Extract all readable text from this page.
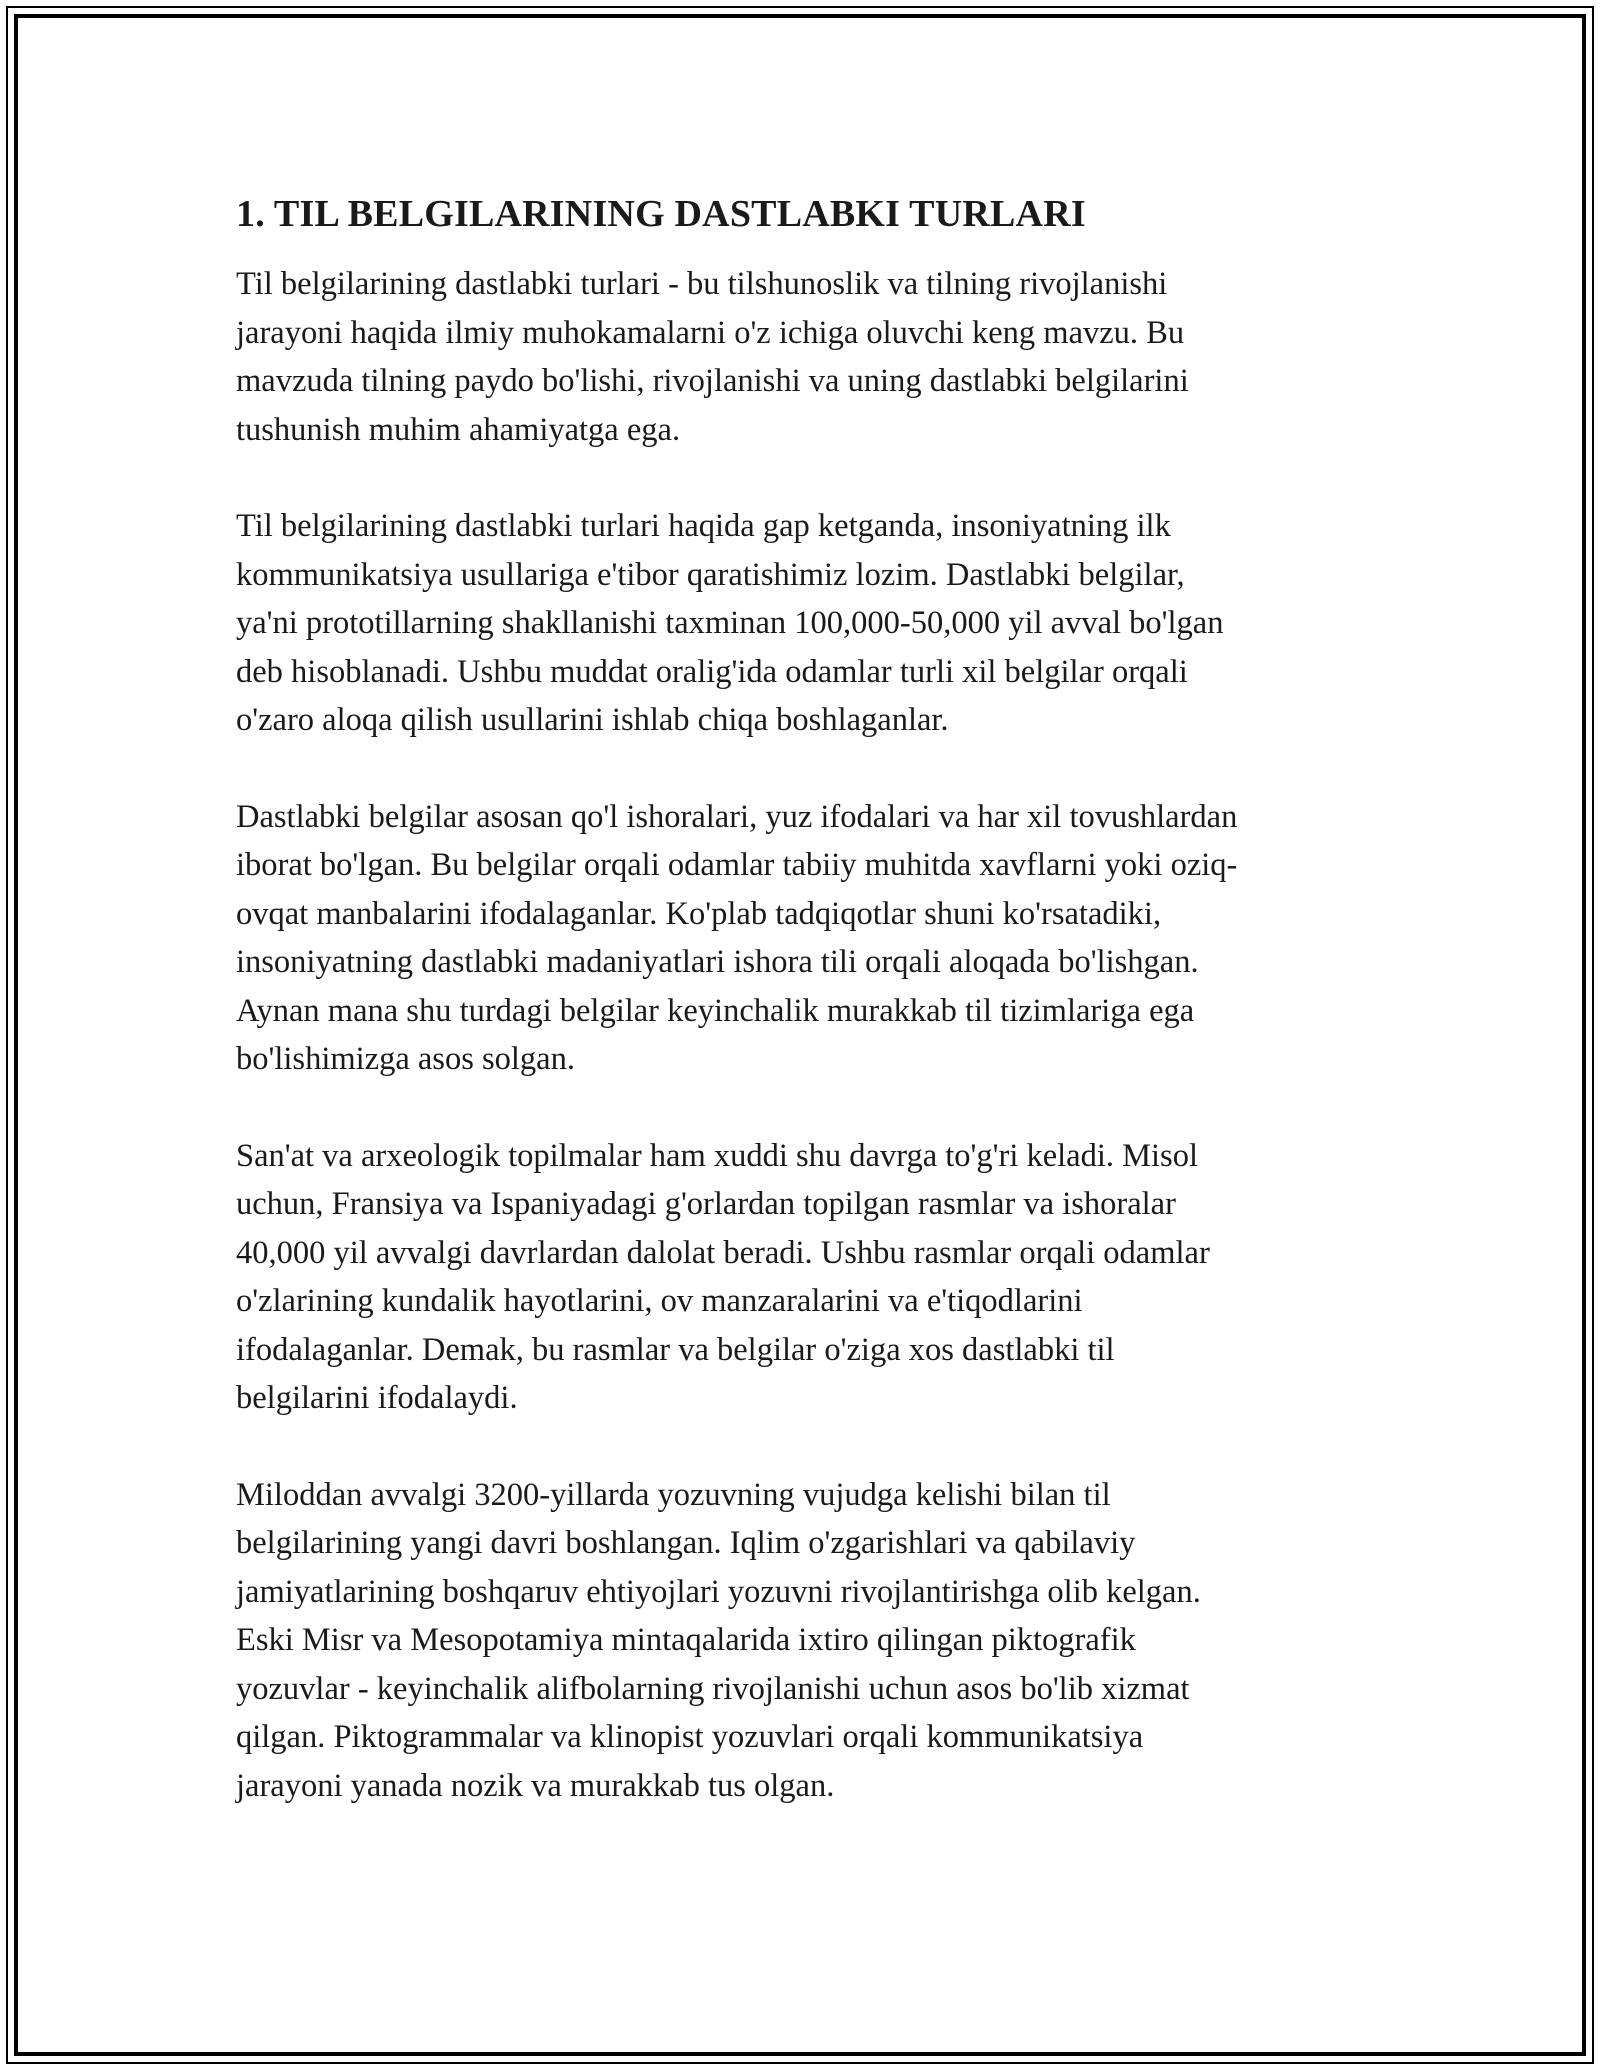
1. TIL BELGILARINING DASTLABKI TURLARI

Til belgilarining dastlabki turlari - bu tilshunoslik va tilning rivojlanishi
jarayoni haqida ilmiy muhokamalarni o'z ichiga oluvchi keng mavzu. Bu
mavzuda tilning paydo bo'lishi, rivojlanishi va uning dastlabki belgilarini
tushunish muhim ahamiyatga ega.

Til belgilarining dastlabki turlari haqida gap ketganda, insoniyatning ilk
kommunikatsiya usullariga e'tibor qaratishimiz lozim. Dastlabki belgilar,
ya'ni prototillarning shakllanishi taxminan 100,000-50,000 yil avval bo'lgan
deb hisoblanadi. Ushbu muddat oralig'ida odamlar turli xil belgilar orqali
o'zaro aloqa qilish usullarini ishlab chiqa boshlaganlar.

Dastlabki belgilar asosan qo'l ishoralari, yuz ifodalari va har xil tovushlardan
iborat bo'lgan. Bu belgilar orqali odamlar tabiiy muhitda xavflarni yoki oziq-
ovqat manbalarini ifodalaganlar. Ko'plab tadqiqotlar shuni ko'rsatadiki,
insoniyatning dastlabki madaniyatlari ishora tili orqali aloqada bo'lishgan.
Aynan mana shu turdagi belgilar keyinchalik murakkab til tizimlariga ega
bo'lishimizga asos solgan.

San'at va arxeologik topilmalar ham xuddi shu davrga to'g'ri keladi. Misol
uchun, Fransiya va Ispaniyadagi g'orlardan topilgan rasmlar va ishoralar
40,000 yil avvalgi davrlardan dalolat beradi. Ushbu rasmlar orqali odamlar
o'zlarining kundalik hayotlarini, ov manzaralarini va e'tiqodlarini
ifodalaganlar. Demak, bu rasmlar va belgilar o'ziga xos dastlabki til
belgilarini ifodalaydi.

Miloddan avvalgi 3200-yillarda yozuvning vujudga kelishi bilan til
belgilarining yangi davri boshlangan. Iqlim o'zgarishlari va qabilaviy
jamiyatlarining boshqaruv ehtiyojlari yozuvni rivojlantirishga olib kelgan.
Eski Misr va Mesopotamiya mintaqalarida ixtiro qilingan piktografik
yozuvlar - keyinchalik alifbolarning rivojlanishi uchun asos bo'lib xizmat
qilgan. Piktogrammalar va klinopist yozuvlari orqali kommunikatsiya
jarayoni yanada nozik va murakkab tus olgan.
